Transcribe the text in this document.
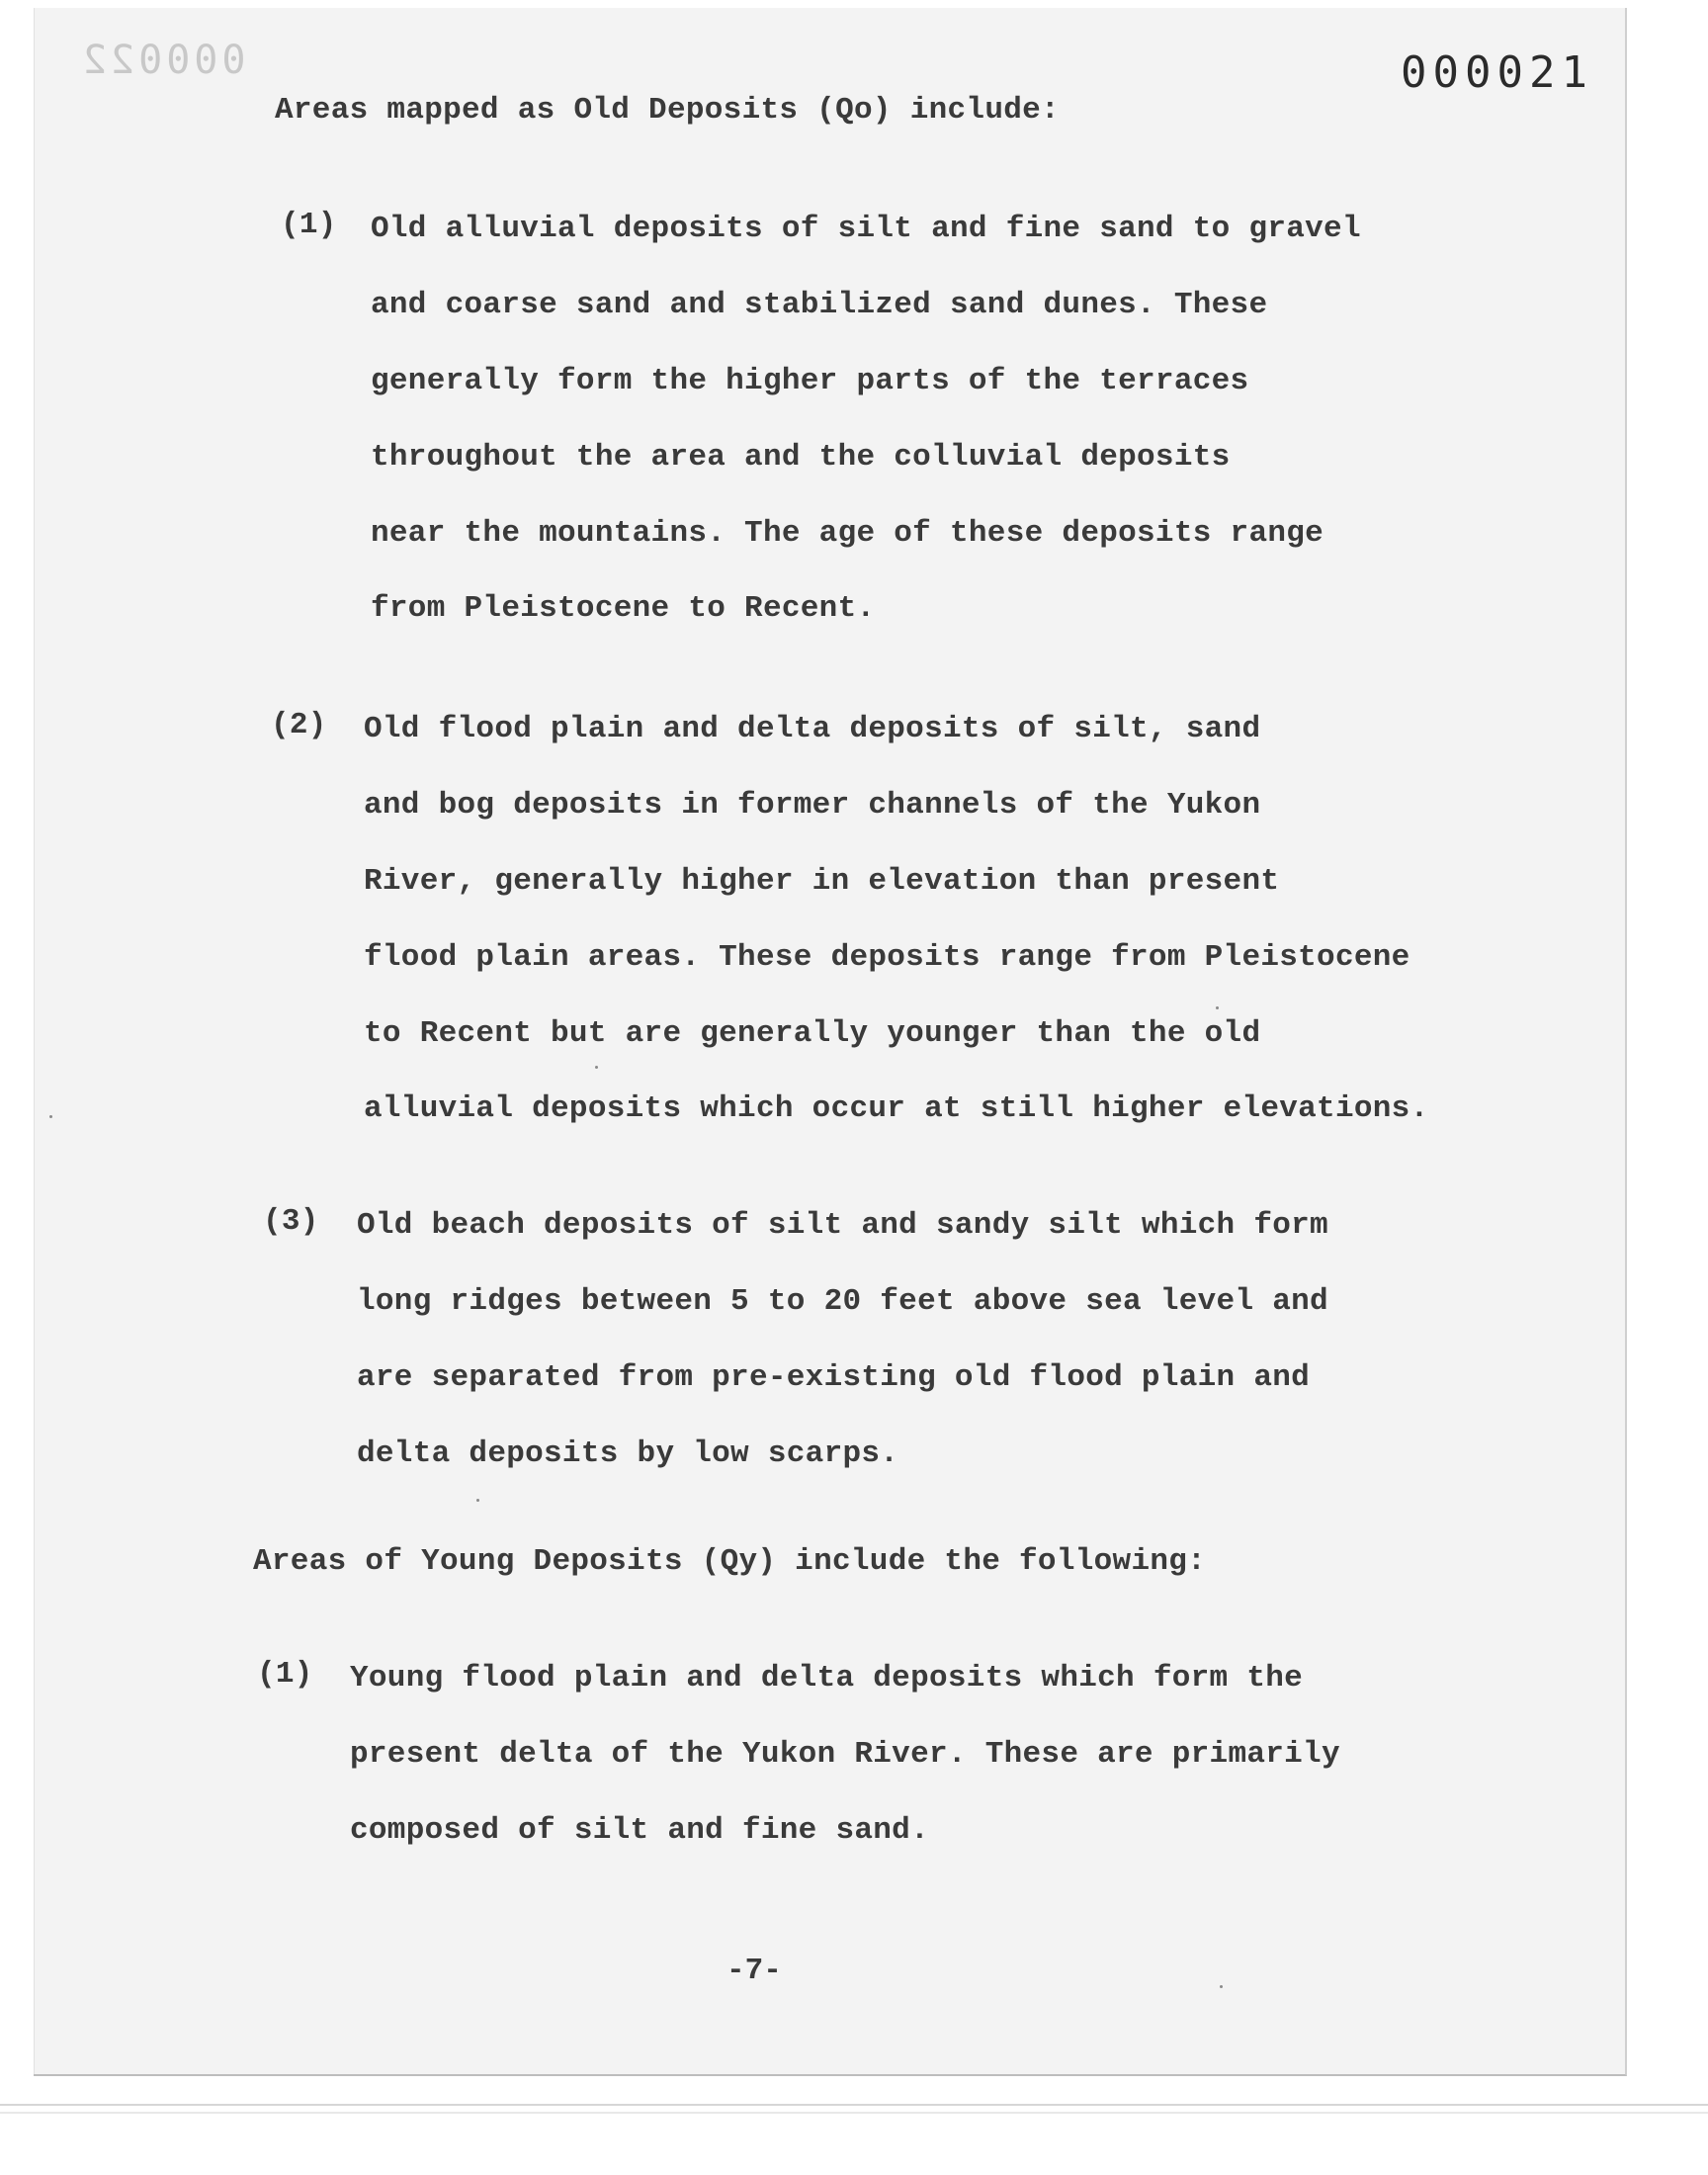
000022	000021
Areas mapped as Old Deposits (Qo) include:
(1) Old alluvial deposits of silt and fine sand to gravel
and coarse sand and stabilized sand dunes. These
generally form the higher parts of the terraces
throughout the area and the colluvial deposits
near the mountains. The age of these deposits range
from Pleistocene to Recent.
(2) Old flood plain and delta deposits of silt, sand
and bog deposits in former channels of the Yukon
River, generally higher in elevation than present
flood plain areas. These deposits range from Pleistocene
to Recent but are generally younger than the old
alluvial deposits which occur at still higher elevations.
(3) Old beach deposits of silt and sandy silt which form
long ridges between 5 to 20 feet above sea level and
are separated from pre-existing old flood plain and
delta deposits by low scarps.
Areas of Young Deposits (Qy) include the following:
(1) Young flood plain and delta deposits which form the
present delta of the Yukon River. These are primarily
composed of silt and fine sand.
-7-
